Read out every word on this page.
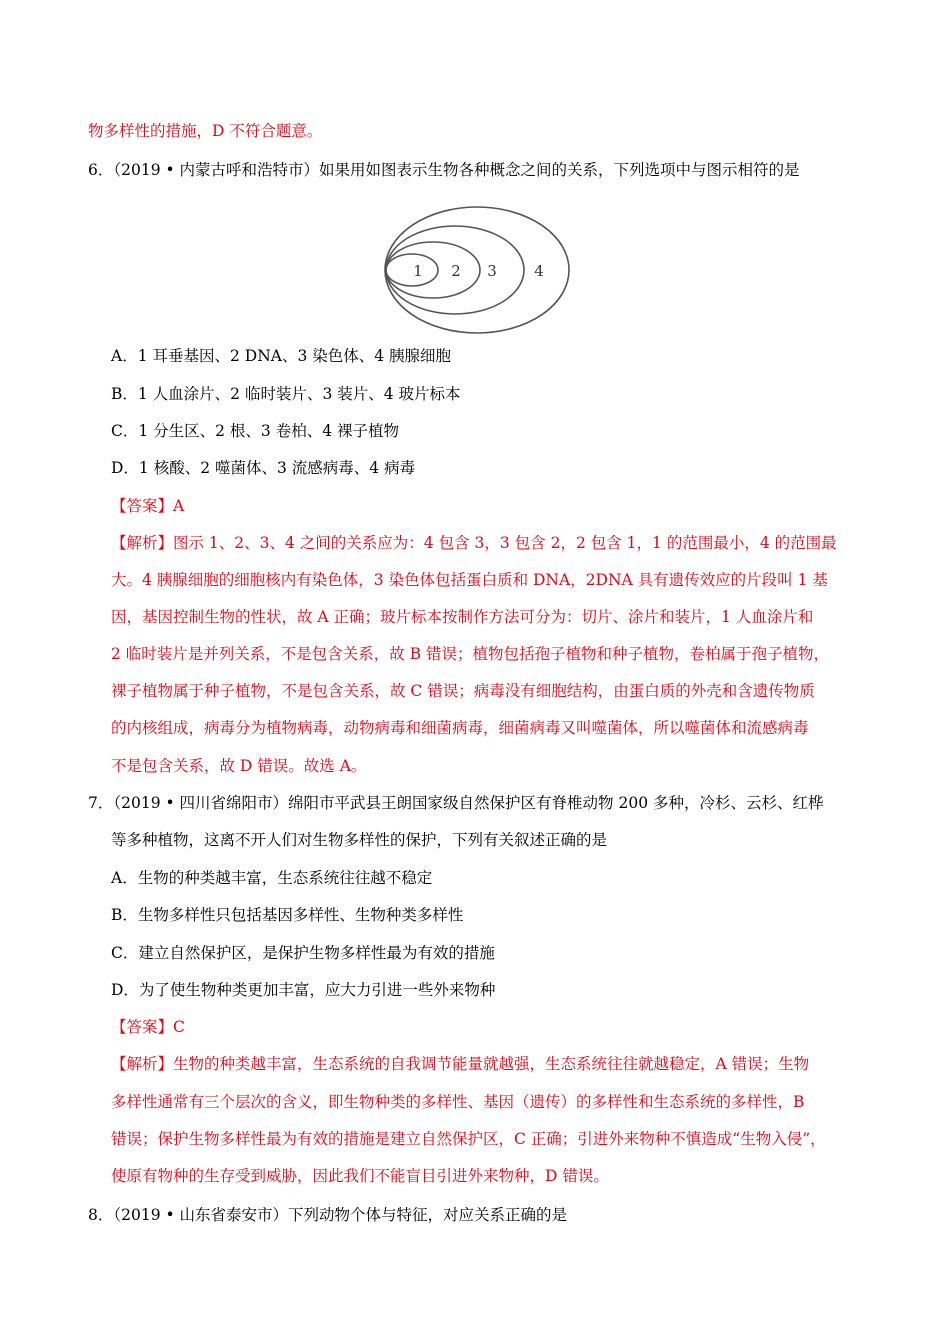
物多样性的措施，D 不符合题意。
6．（2019 • 内蒙古呼和浩特市）如果用如图表示生物各种概念之间的关系，下列选项中与图示相符的是
1 2 3 4
A．1 耳垂基因、2 DNA、3 染色体、4 胰腺细胞
B．1 人血涂片、2 临时装片、3 装片、4 玻片标本
C．1 分生区、2 根、3 卷柏、4 裸子植物
D．1 核酸、2 噬菌体、3 流感病毒、4 病毒
【答案】A
【解析】图示 1、2、3、4 之间的关系应为：4 包含 3，3 包含 2，2 包含 1，1 的范围最小，4 的范围最
大。4 胰腺细胞的细胞核内有染色体，3 染色体包括蛋白质和 DNA，2DNA 具有遗传效应的片段叫 1 基
因，基因控制生物的性状，故 A 正确；玻片标本按制作方法可分为：切片、涂片和装片，1 人血涂片和
2 临时装片是并列关系，不是包含关系，故 B 错误；植物包括孢子植物和种子植物，卷柏属于孢子植物，
裸子植物属于种子植物，不是包含关系，故 C 错误；病毒没有细胞结构，由蛋白质的外壳和含遗传物质
的内核组成，病毒分为植物病毒，动物病毒和细菌病毒，细菌病毒又叫噬菌体，所以噬菌体和流感病毒
不是包含关系，故 D 错误。故选 A。
7．（2019 • 四川省绵阳市）绵阳市平武县王朗国家级自然保护区有脊椎动物 200 多种，冷杉、云杉、红桦
等多种植物，这离不开人们对生物多样性的保护，下列有关叙述正确的是
A．生物的种类越丰富，生态系统往往越不稳定
B．生物多样性只包括基因多样性、生物种类多样性
C．建立自然保护区，是保护生物多样性最为有效的措施
D．为了使生物种类更加丰富，应大力引进一些外来物种
【答案】C
【解析】生物的种类越丰富，生态系统的自我调节能量就越强，生态系统往往就越稳定，A 错误；生物
多样性通常有三个层次的含义，即生物种类的多样性、基因（遗传）的多样性和生态系统的多样性，B
错误；保护生物多样性最为有效的措施是建立自然保护区，C 正确；引进外来物种不慎造成“生物入侵”，
使原有物种的生存受到威胁，因此我们不能盲目引进外来物种，D 错误。
8．（2019 • 山东省泰安市）下列动物个体与特征，对应关系正确的是
